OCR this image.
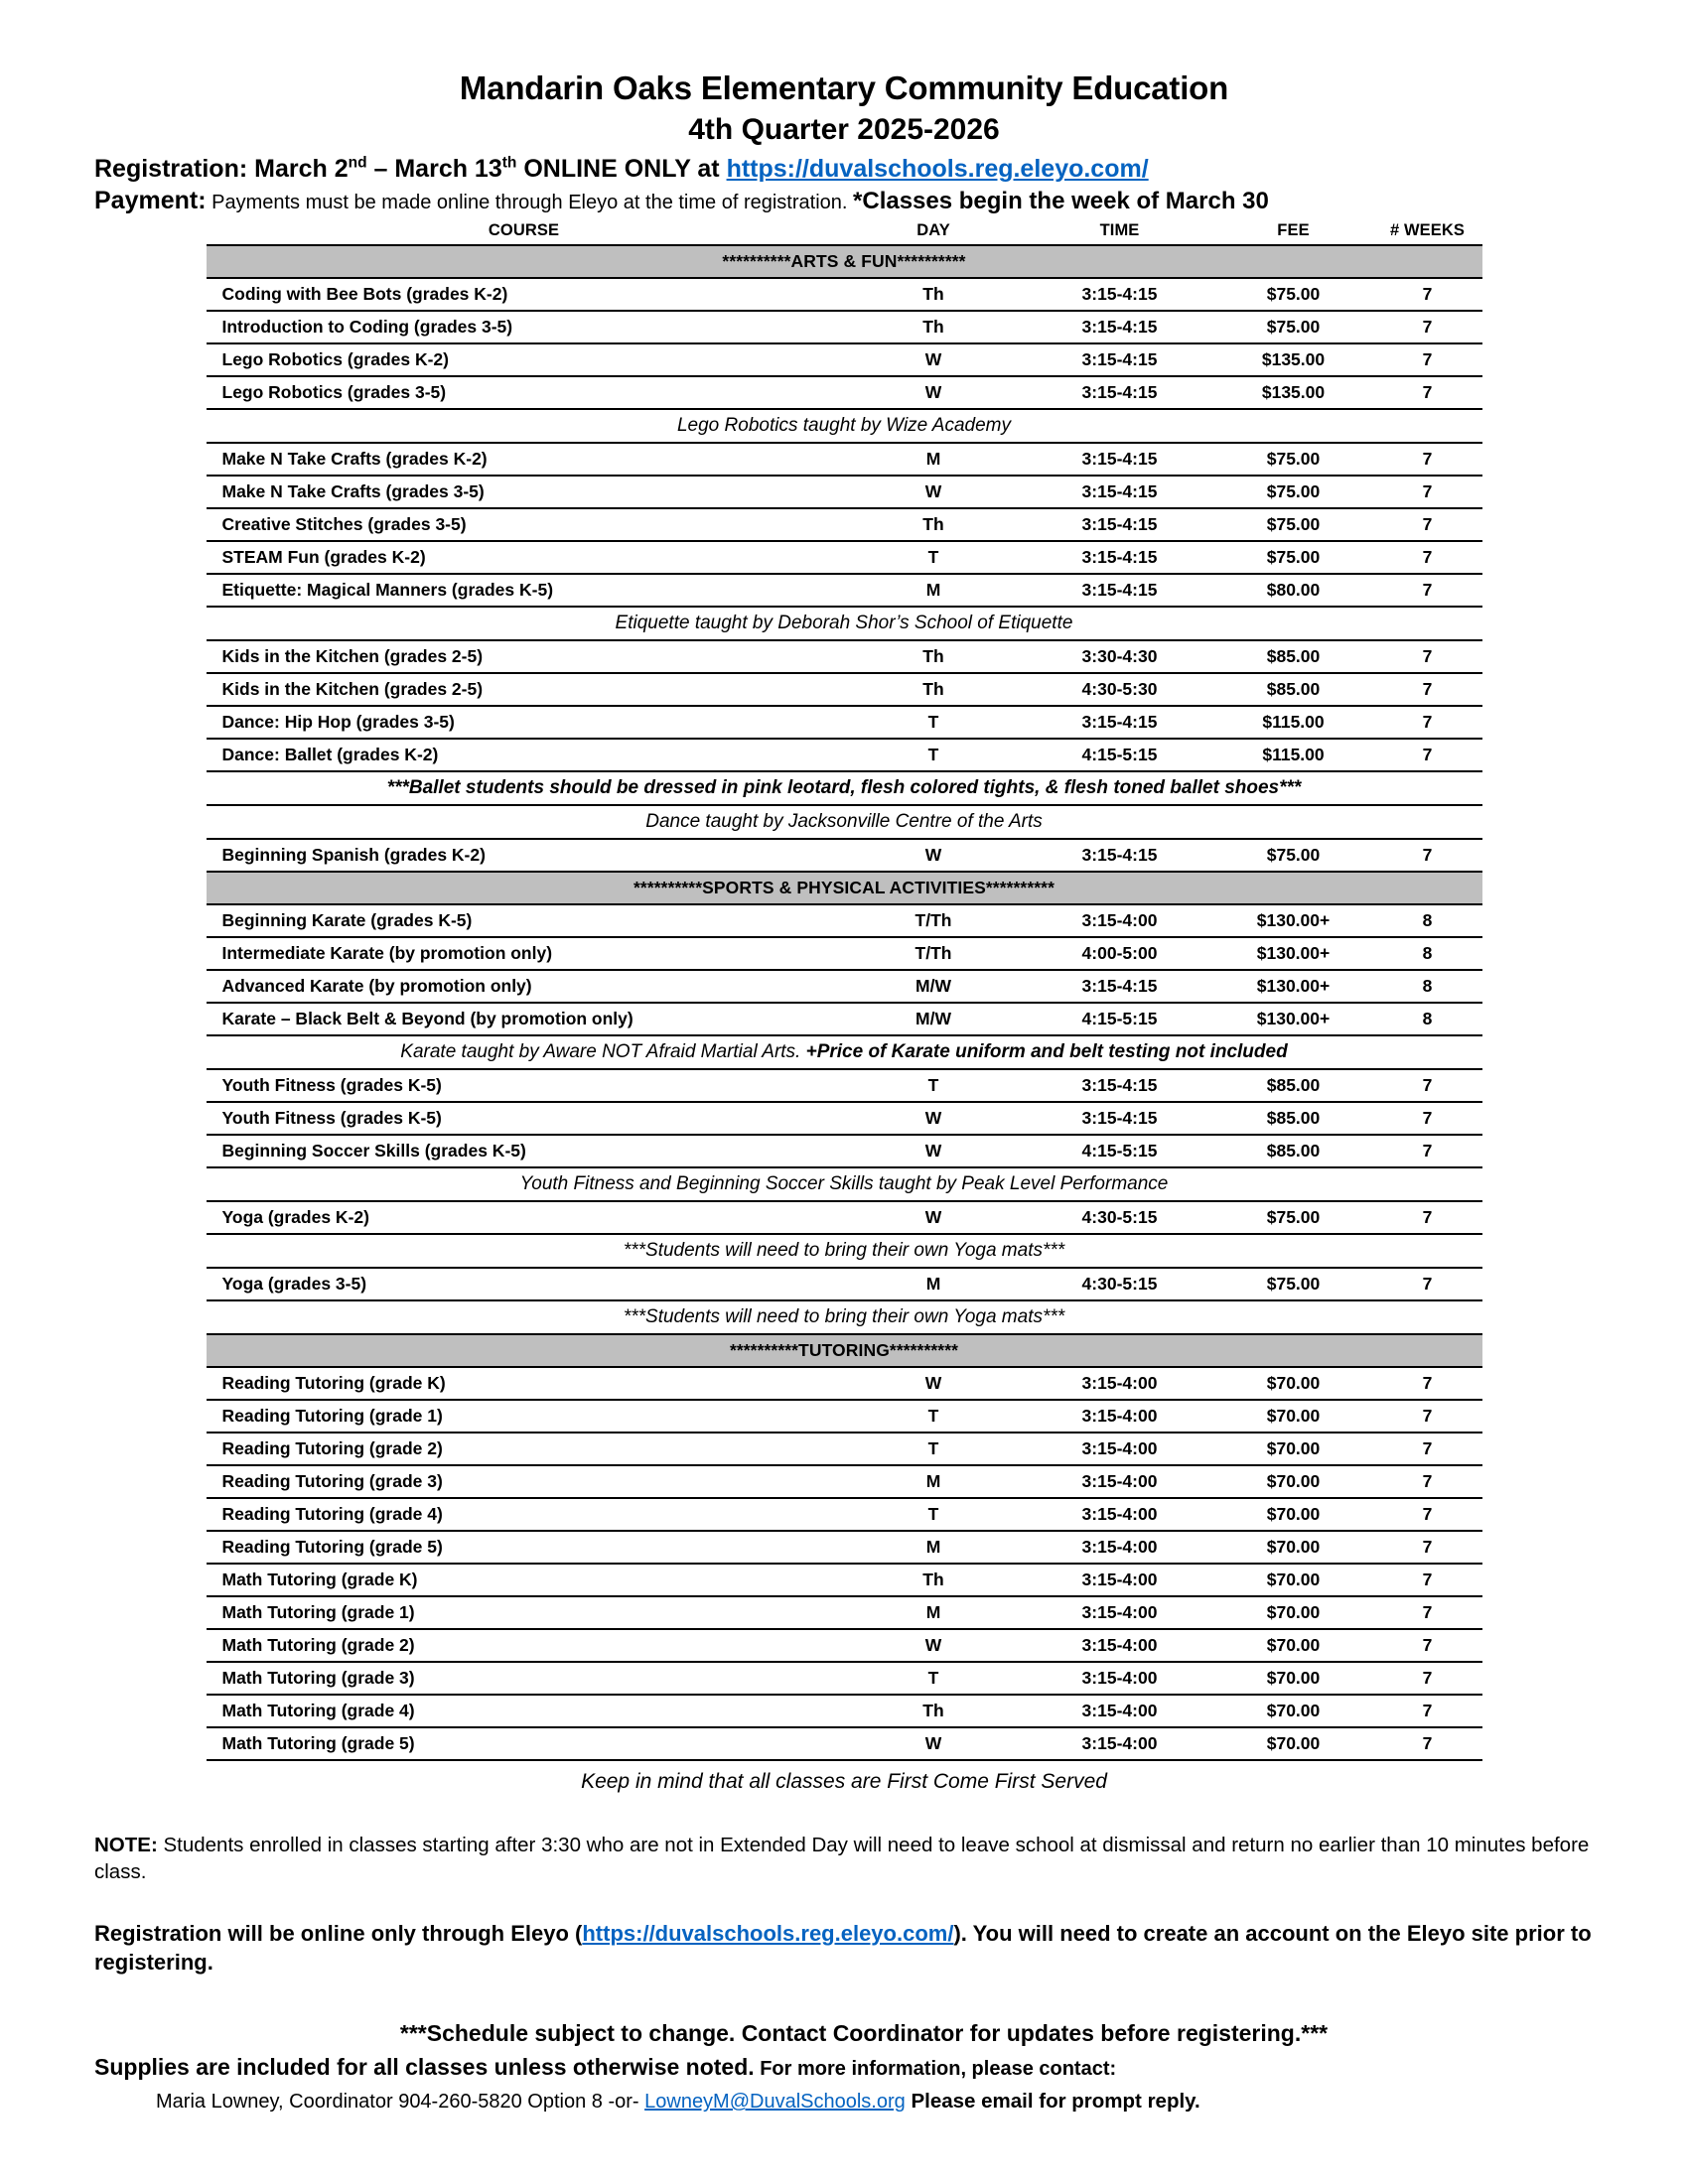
Mandarin Oaks Elementary Community Education
4th Quarter 2025-2026

Registration: March 2nd – March 13th ONLINE ONLY at https://duvalschools.reg.eleyo.com/

Payment: Payments must be made online through Eleyo at the time of registration. *Classes begin the week of March 30

COURSE	DAY	TIME	FEE	# WEEKS
**********ARTS & FUN**********				
Coding with Bee Bots (grades K-2)	Th	3:15-4:15	$75.00	7
Introduction to Coding (grades 3-5)	Th	3:15-4:15	$75.00	7
Lego Robotics (grades K-2)	W	3:15-4:15	$135.00	7
Lego Robotics (grades 3-5)	W	3:15-4:15	$135.00	7
Lego Robotics taught by Wize Academy				
Make N Take Crafts (grades K-2)	M	3:15-4:15	$75.00	7
Make N Take Crafts (grades 3-5)	W	3:15-4:15	$75.00	7
Creative Stitches (grades 3-5)	Th	3:15-4:15	$75.00	7
STEAM Fun (grades K-2)	T	3:15-4:15	$75.00	7
Etiquette: Magical Manners (grades K-5)	M	3:15-4:15	$80.00	7
Etiquette taught by Deborah Shor’s School of Etiquette				
Kids in the Kitchen (grades 2-5)	Th	3:30-4:30	$85.00	7
Kids in the Kitchen (grades 2-5)	Th	4:30-5:30	$85.00	7
Dance: Hip Hop (grades 3-5)	T	3:15-4:15	$115.00	7
Dance: Ballet (grades K-2)	T	4:15-5:15	$115.00	7
***Ballet students should be dressed in pink leotard, flesh colored tights, & flesh toned ballet shoes***				
Dance taught by Jacksonville Centre of the Arts				
Beginning Spanish (grades K-2)	W	3:15-4:15	$75.00	7
**********SPORTS & PHYSICAL ACTIVITIES**********				
Beginning Karate (grades K-5)	T/Th	3:15-4:00	$130.00+	8
Intermediate Karate (by promotion only)	T/Th	4:00-5:00	$130.00+	8
Advanced Karate (by promotion only)	M/W	3:15-4:15	$130.00+	8
Karate – Black Belt & Beyond (by promotion only)	M/W	4:15-5:15	$130.00+	8
Karate taught by Aware NOT Afraid Martial Arts. +Price of Karate uniform and belt testing not included				
Youth Fitness (grades K-5)	T	3:15-4:15	$85.00	7
Youth Fitness (grades K-5)	W	3:15-4:15	$85.00	7
Beginning Soccer Skills (grades K-5)	W	4:15-5:15	$85.00	7
Youth Fitness and Beginning Soccer Skills taught by Peak Level Performance				
Yoga (grades K-2)	W	4:30-5:15	$75.00	7
***Students will need to bring their own Yoga mats***				
Yoga (grades 3-5)	M	4:30-5:15	$75.00	7
***Students will need to bring their own Yoga mats***				
**********TUTORING**********				
Reading Tutoring (grade K)	W	3:15-4:00	$70.00	7
Reading Tutoring (grade 1)	T	3:15-4:00	$70.00	7
Reading Tutoring (grade 2)	T	3:15-4:00	$70.00	7
Reading Tutoring (grade 3)	M	3:15-4:00	$70.00	7
Reading Tutoring (grade 4)	T	3:15-4:00	$70.00	7
Reading Tutoring (grade 5)	M	3:15-4:00	$70.00	7
Math Tutoring (grade K)	Th	3:15-4:00	$70.00	7
Math Tutoring (grade 1)	M	3:15-4:00	$70.00	7
Math Tutoring (grade 2)	W	3:15-4:00	$70.00	7
Math Tutoring (grade 3)	T	3:15-4:00	$70.00	7
Math Tutoring (grade 4)	Th	3:15-4:00	$70.00	7
Math Tutoring (grade 5)	W	3:15-4:00	$70.00	7

Keep in mind that all classes are First Come First Served

NOTE: Students enrolled in classes starting after 3:30 who are not in Extended Day will need to leave school at dismissal and return no earlier than 10 minutes before class.

Registration will be online only through Eleyo (https://duvalschools.reg.eleyo.com/). You will need to create an account on the Eleyo site prior to registering.

***Schedule subject to change. Contact Coordinator for updates before registering.***

Supplies are included for all classes unless otherwise noted. For more information, please contact:

Maria Lowney, Coordinator 904-260-5820 Option 8 -or- LowneyM@DuvalSchools.org Please email for prompt reply.
